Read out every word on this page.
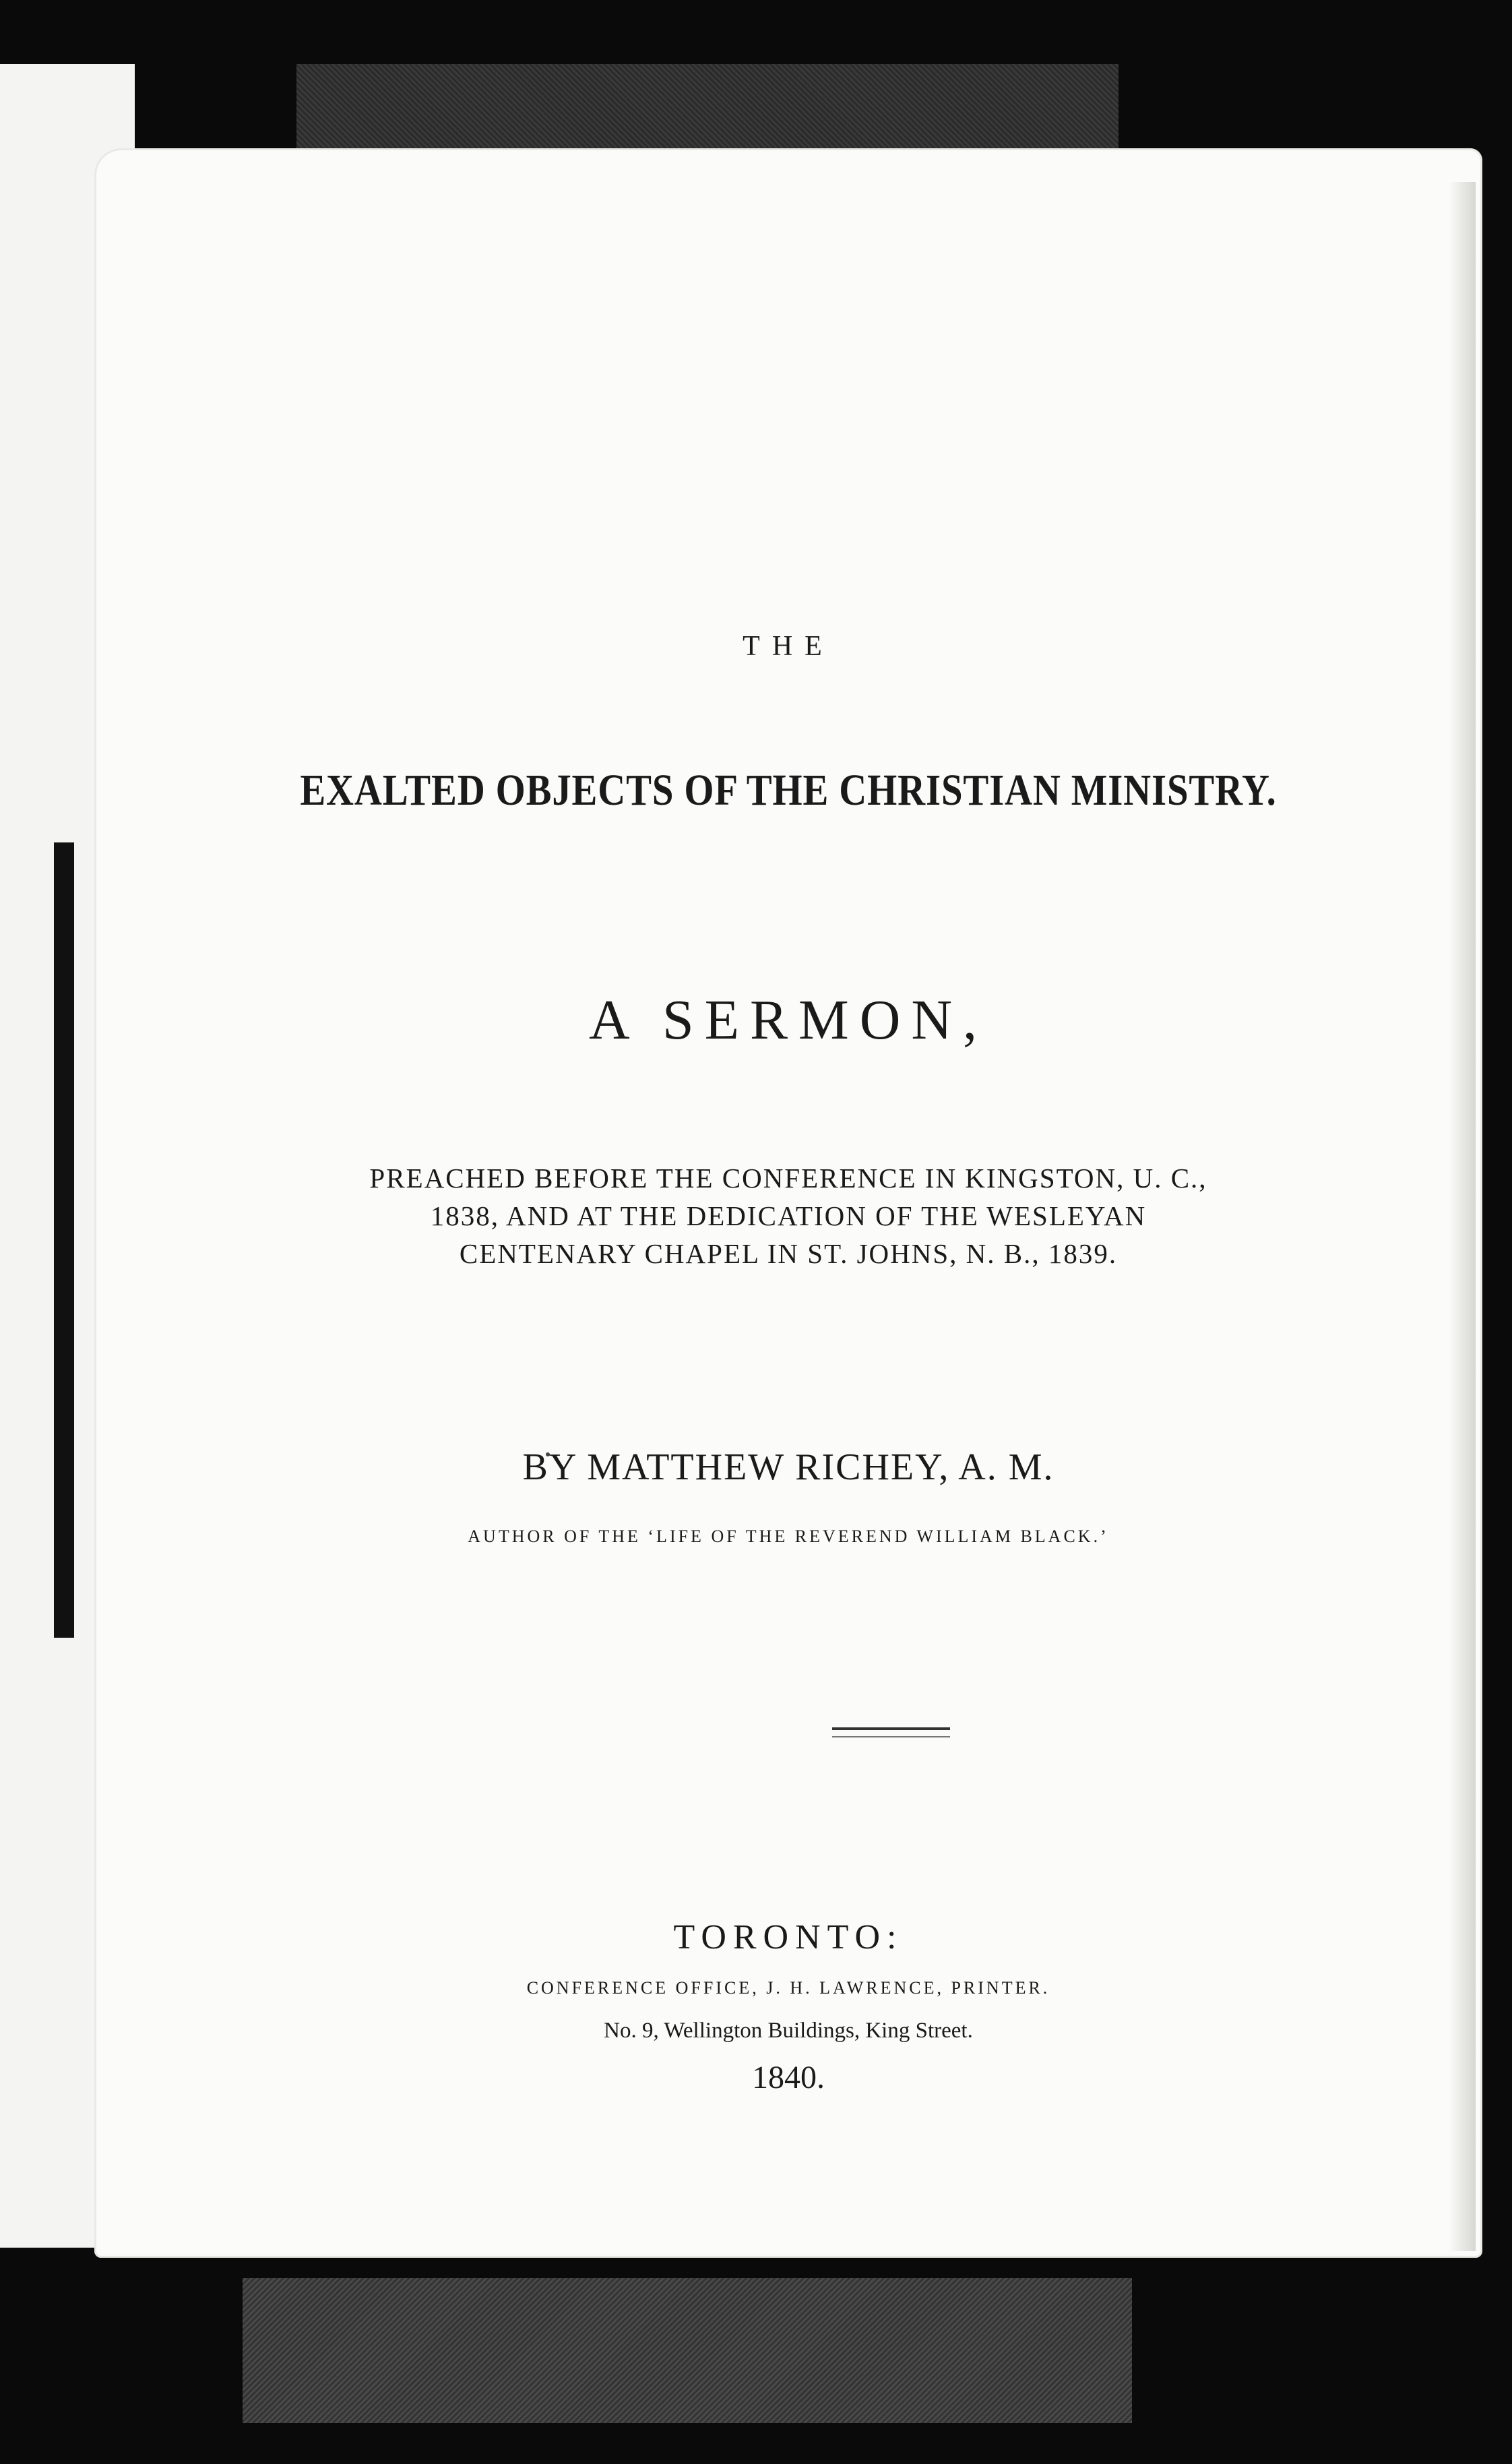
THE
EXALTED OBJECTS OF THE CHRISTIAN MINISTRY.
A SERMON,
PREACHED BEFORE THE CONFERENCE IN KINGSTON, U. C.,
1838, AND AT THE DEDICATION OF THE WESLEYAN
CENTENARY CHAPEL IN ST. JOHNS, N. B., 1839.
BY MATTHEW RICHEY, A. M.
AUTHOR OF THE ‘LIFE OF THE REVEREND WILLIAM BLACK.’
TORONTO:
CONFERENCE OFFICE, J. H. LAWRENCE, PRINTER.
No. 9, Wellington Buildings, King Street.
1840.
